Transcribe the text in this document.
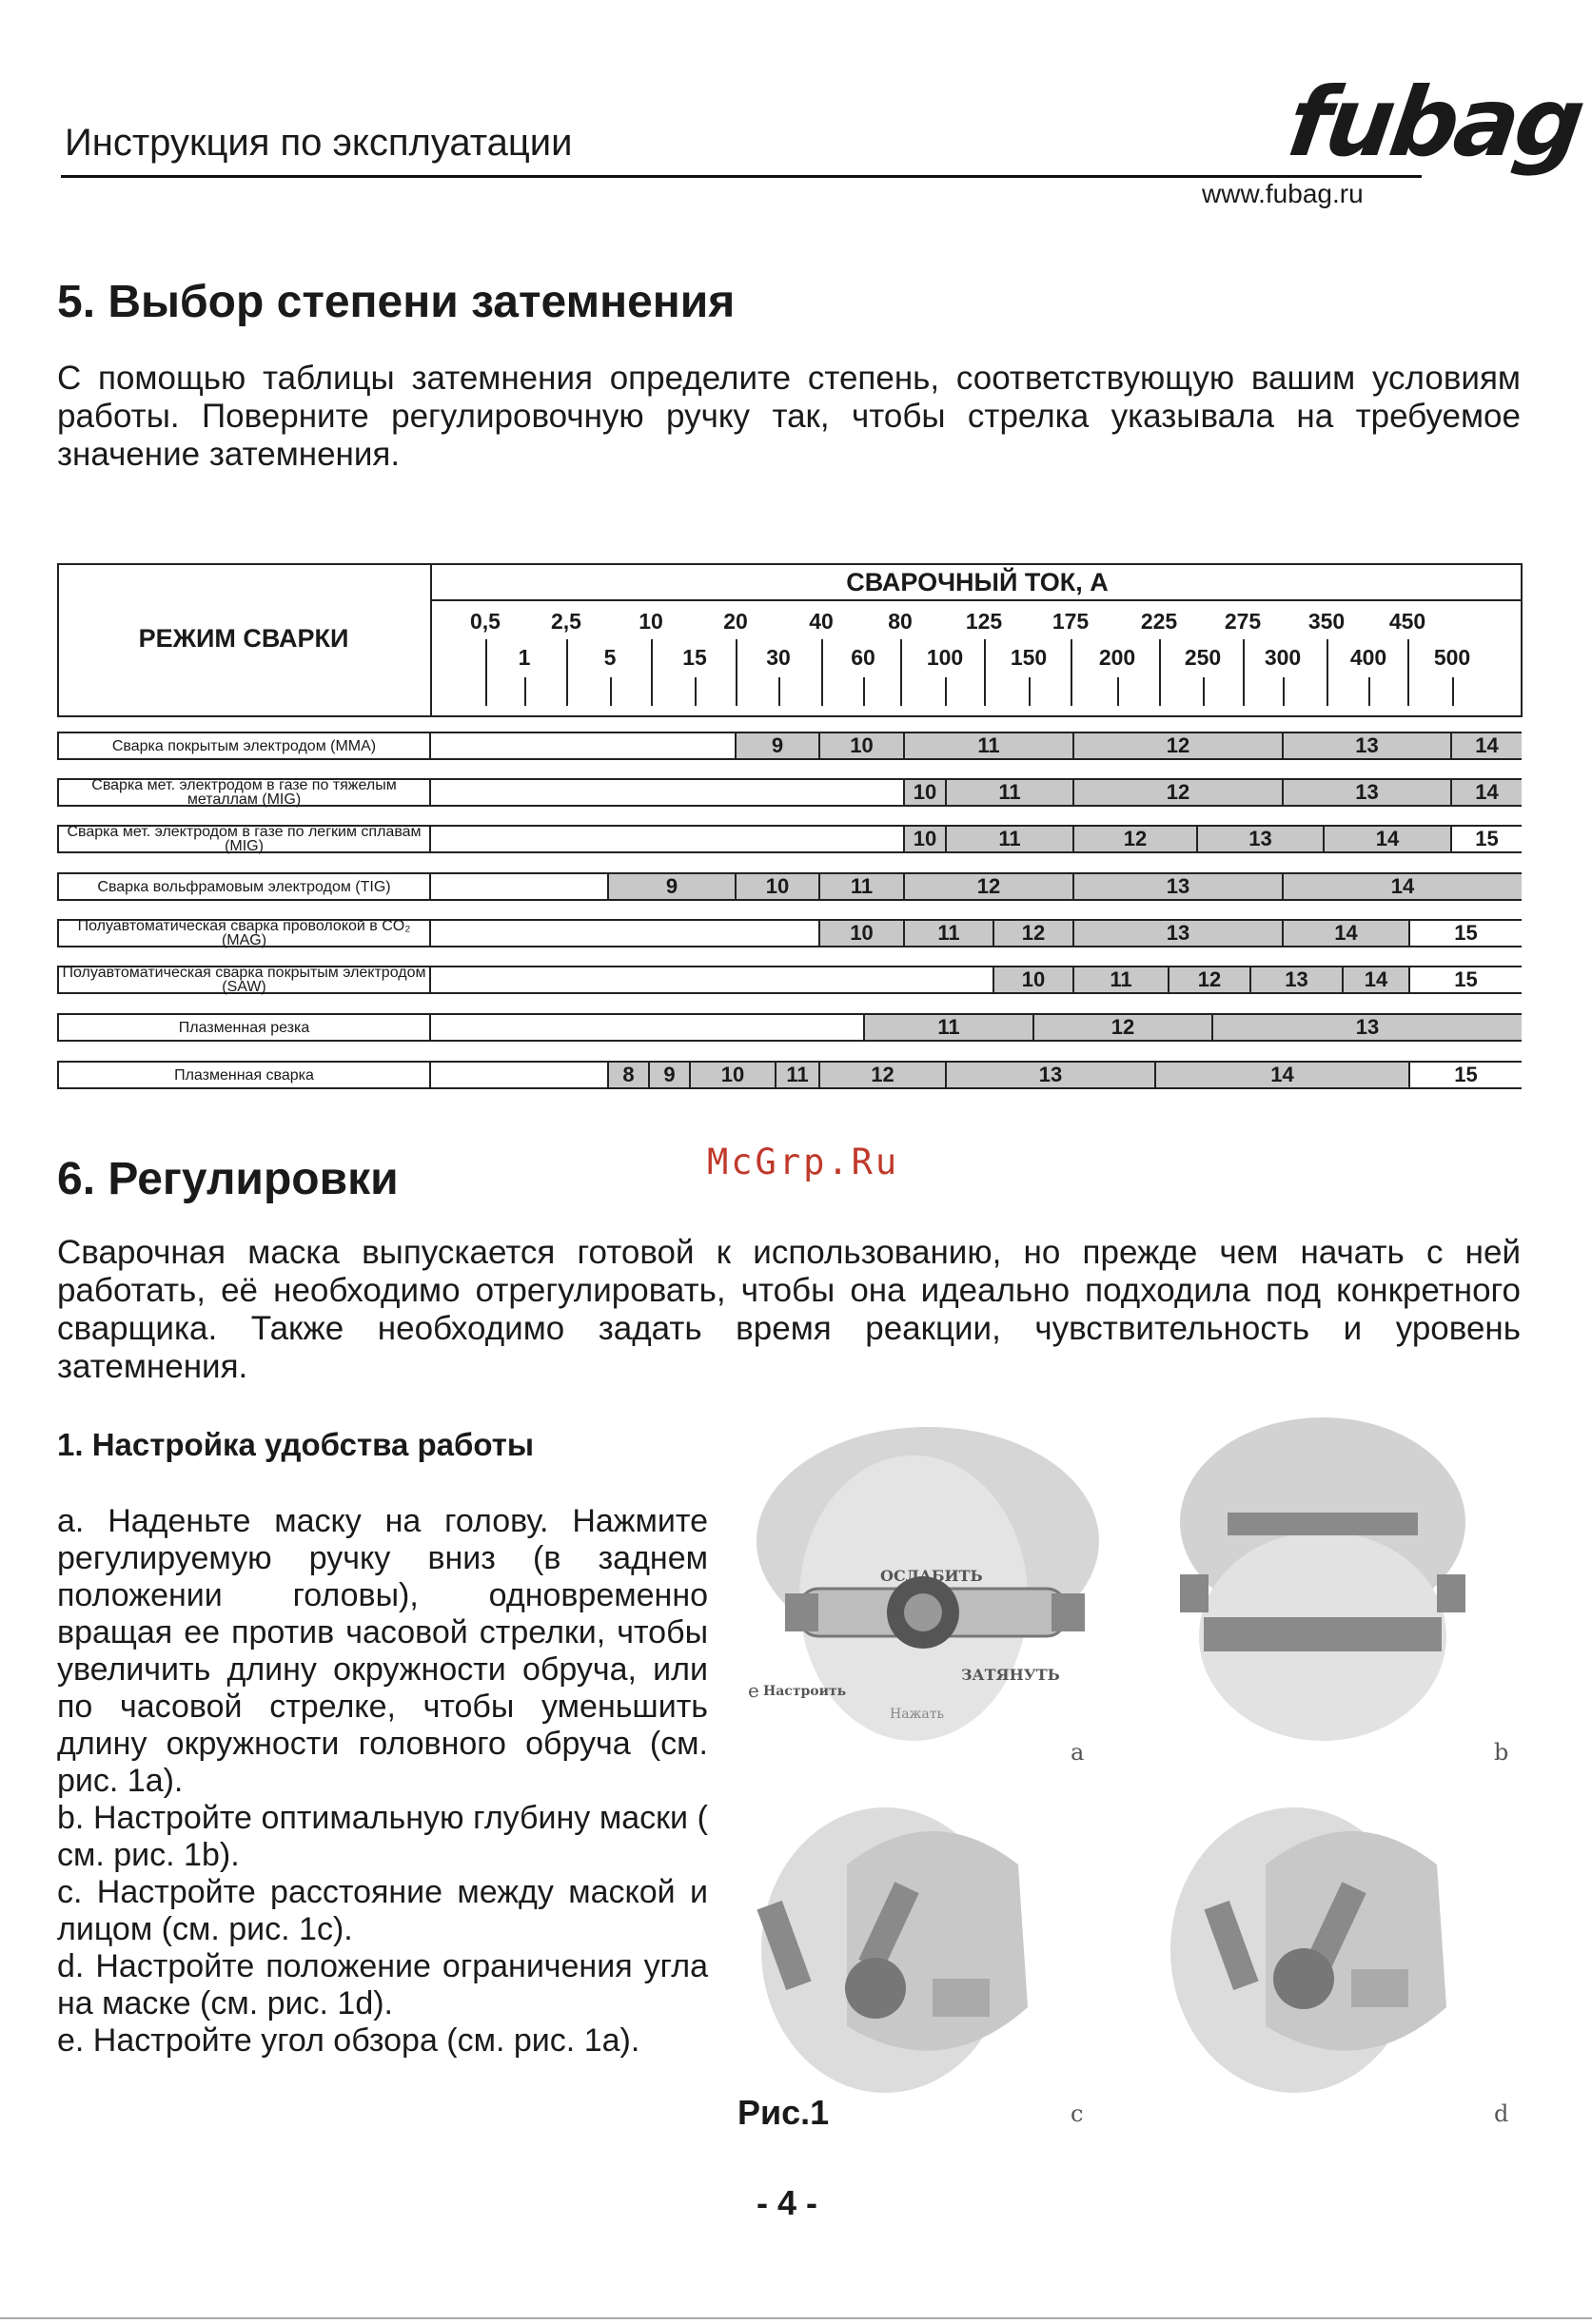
Инструкция по эксплуатации	fubag
www.fubag.ru
5. Выбор степени затемнения
С помощью таблицы затемнения определите степень, соответствующую вашим условиям работы. Поверните регулировочную ручку так, чтобы стрелка указывала на требуемое значение затемнения.
РЕЖИМ СВАРКИ
СВАРОЧНЫЙ ТОК, А
0,5	2,5	10	20	40	80	125	175	225	275	350	450
1	5	15	30	60	100	150	200	250	300	400	500
Сварка покрытым электродом (MMA)	9	10	11	12	13	14
Сварка мет. электродом в газе по тяжелым металлам (MIG)	10	11	12	13	14
Сварка мет. электродом в газе по легким сплавам (MIG)	10	11	12	13	14	15
Сварка вольфрамовым электродом (TIG)	9	10	11	12	13	14
Полуавтоматическая сварка проволокой в CO₂ (MAG)	10	11	12	13	14	15
Полуавтоматическая сварка покрытым электродом (SAW)	10	11	12	13	14	15
Плазменная резка	11	12	13
Плазменная сварка	8	9	10	11	12	13	14	15
McGrp.Ru
6. Регулировки
Сварочная маска выпускается готовой к использованию, но прежде чем начать с ней работать, её необходимо отрегулировать, чтобы она идеально подходила под конкретного сварщика. Также необходимо задать время реакции, чувствительность и уровень затемнения.
1. Настройка удобства работы

a. Наденьте маску на голову. Нажмите регулируемую ручку вниз (в заднем положении головы), одновременно вращая ее против часовой стрелки, чтобы увеличить длину окружности обруча, или по часовой стрелке, чтобы уменьшить длину окружности головного обруча (см. рис. 1а).

b. Настройте оптимальную глубину маски ( см. рис. 1b).

c. Настройте расстояние между маской и лицом (см. рис. 1с).

d. Настройте положение ограничения угла на маске (см. рис. 1d).

e. Настройте угол обзора (см. рис. 1а).

ОСЛАБИТЬ
ЗАТЯНУТЬ
e Настроить
Нажать
a	b
c	d
Рис.1
- 4 -
